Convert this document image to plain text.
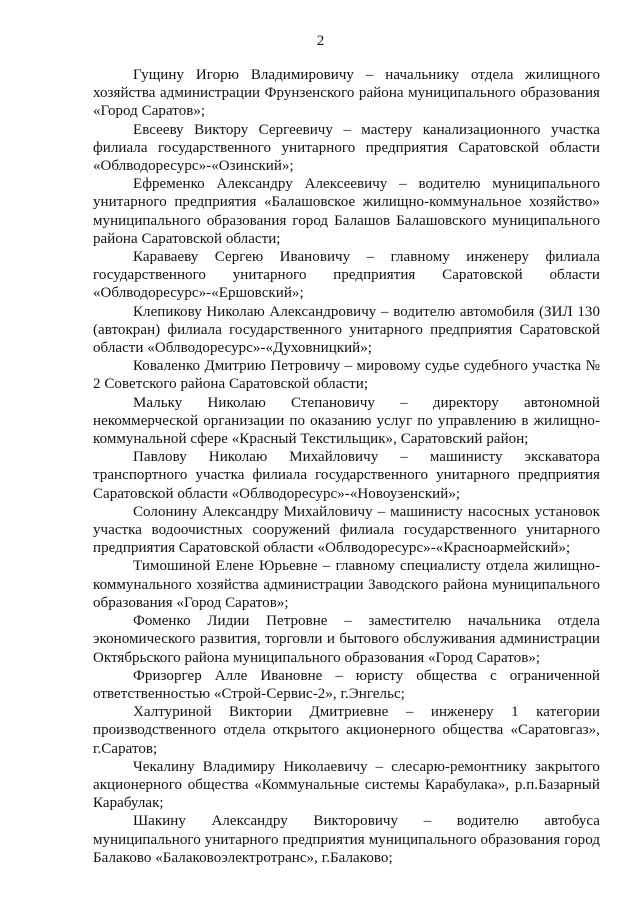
2

Гущину Игорю Владимировичу – начальнику отдела жилищного хозяйства администрации Фрунзенского района муниципального образования «Город Саратов»;

Евсееву Виктору Сергеевичу – мастеру канализационного участка филиала государственного унитарного предприятия Саратовской области «Облводоресурс»-«Озинский»;

Ефременко Александру Алексеевичу – водителю муниципального унитарного предприятия «Балашовское жилищно-коммунальное хозяйство» муниципального образования город Балашов Балашовского муниципального района Саратовской области;

Караваеву Сергею Ивановичу – главному инженеру филиала государственного унитарного предприятия Саратовской области «Облводоресурс»-«Ершовский»;

Клепикову Николаю Александровичу – водителю автомобиля (ЗИЛ 130 (автокран) филиала государственного унитарного предприятия Саратовской области «Облводоресурс»-«Духовницкий»;

Коваленко Дмитрию Петровичу – мировому судье судебного участка № 2 Советского района Саратовской области;

Мальку Николаю Степановичу – директору автономной некоммерческой организации по оказанию услуг по управлению в жилищно-коммунальной сфере «Красный Текстильщик», Саратовский район;

Павлову Николаю Михайловичу – машинисту экскаватора транспортного участка филиала государственного унитарного предприятия Саратовской области «Облводоресурс»-«Новоузенский»;

Солонину Александру Михайловичу – машинисту насосных установок участка водоочистных сооружений филиала государственного унитарного предприятия Саратовской области «Облводоресурс»-«Красноармейский»;

Тимошиной Елене Юрьевне – главному специалисту отдела жилищно-коммунального хозяйства администрации Заводского района муниципального образования «Город Саратов»;

Фоменко Лидии Петровне – заместителю начальника отдела экономического развития, торговли и бытового обслуживания администрации Октябрьского района муниципального образования «Город Саратов»;

Фризоргер Алле Ивановне – юристу общества с ограниченной ответственностью «Строй-Сервис-2», г.Энгельс;

Халтуриной Виктории Дмитриевне – инженеру 1 категории производственного отдела открытого акционерного общества «Саратовгаз», г.Саратов;

Чекалину Владимиру Николаевичу – слесарю-ремонтнику закрытого акционерного общества «Коммунальные системы Карабулака», р.п.Базарный Карабулак;

Шакину Александру Викторовичу – водителю автобуса муниципального унитарного предприятия муниципального образования город Балаково «Балаковоэлектротранс», г.Балаково;
